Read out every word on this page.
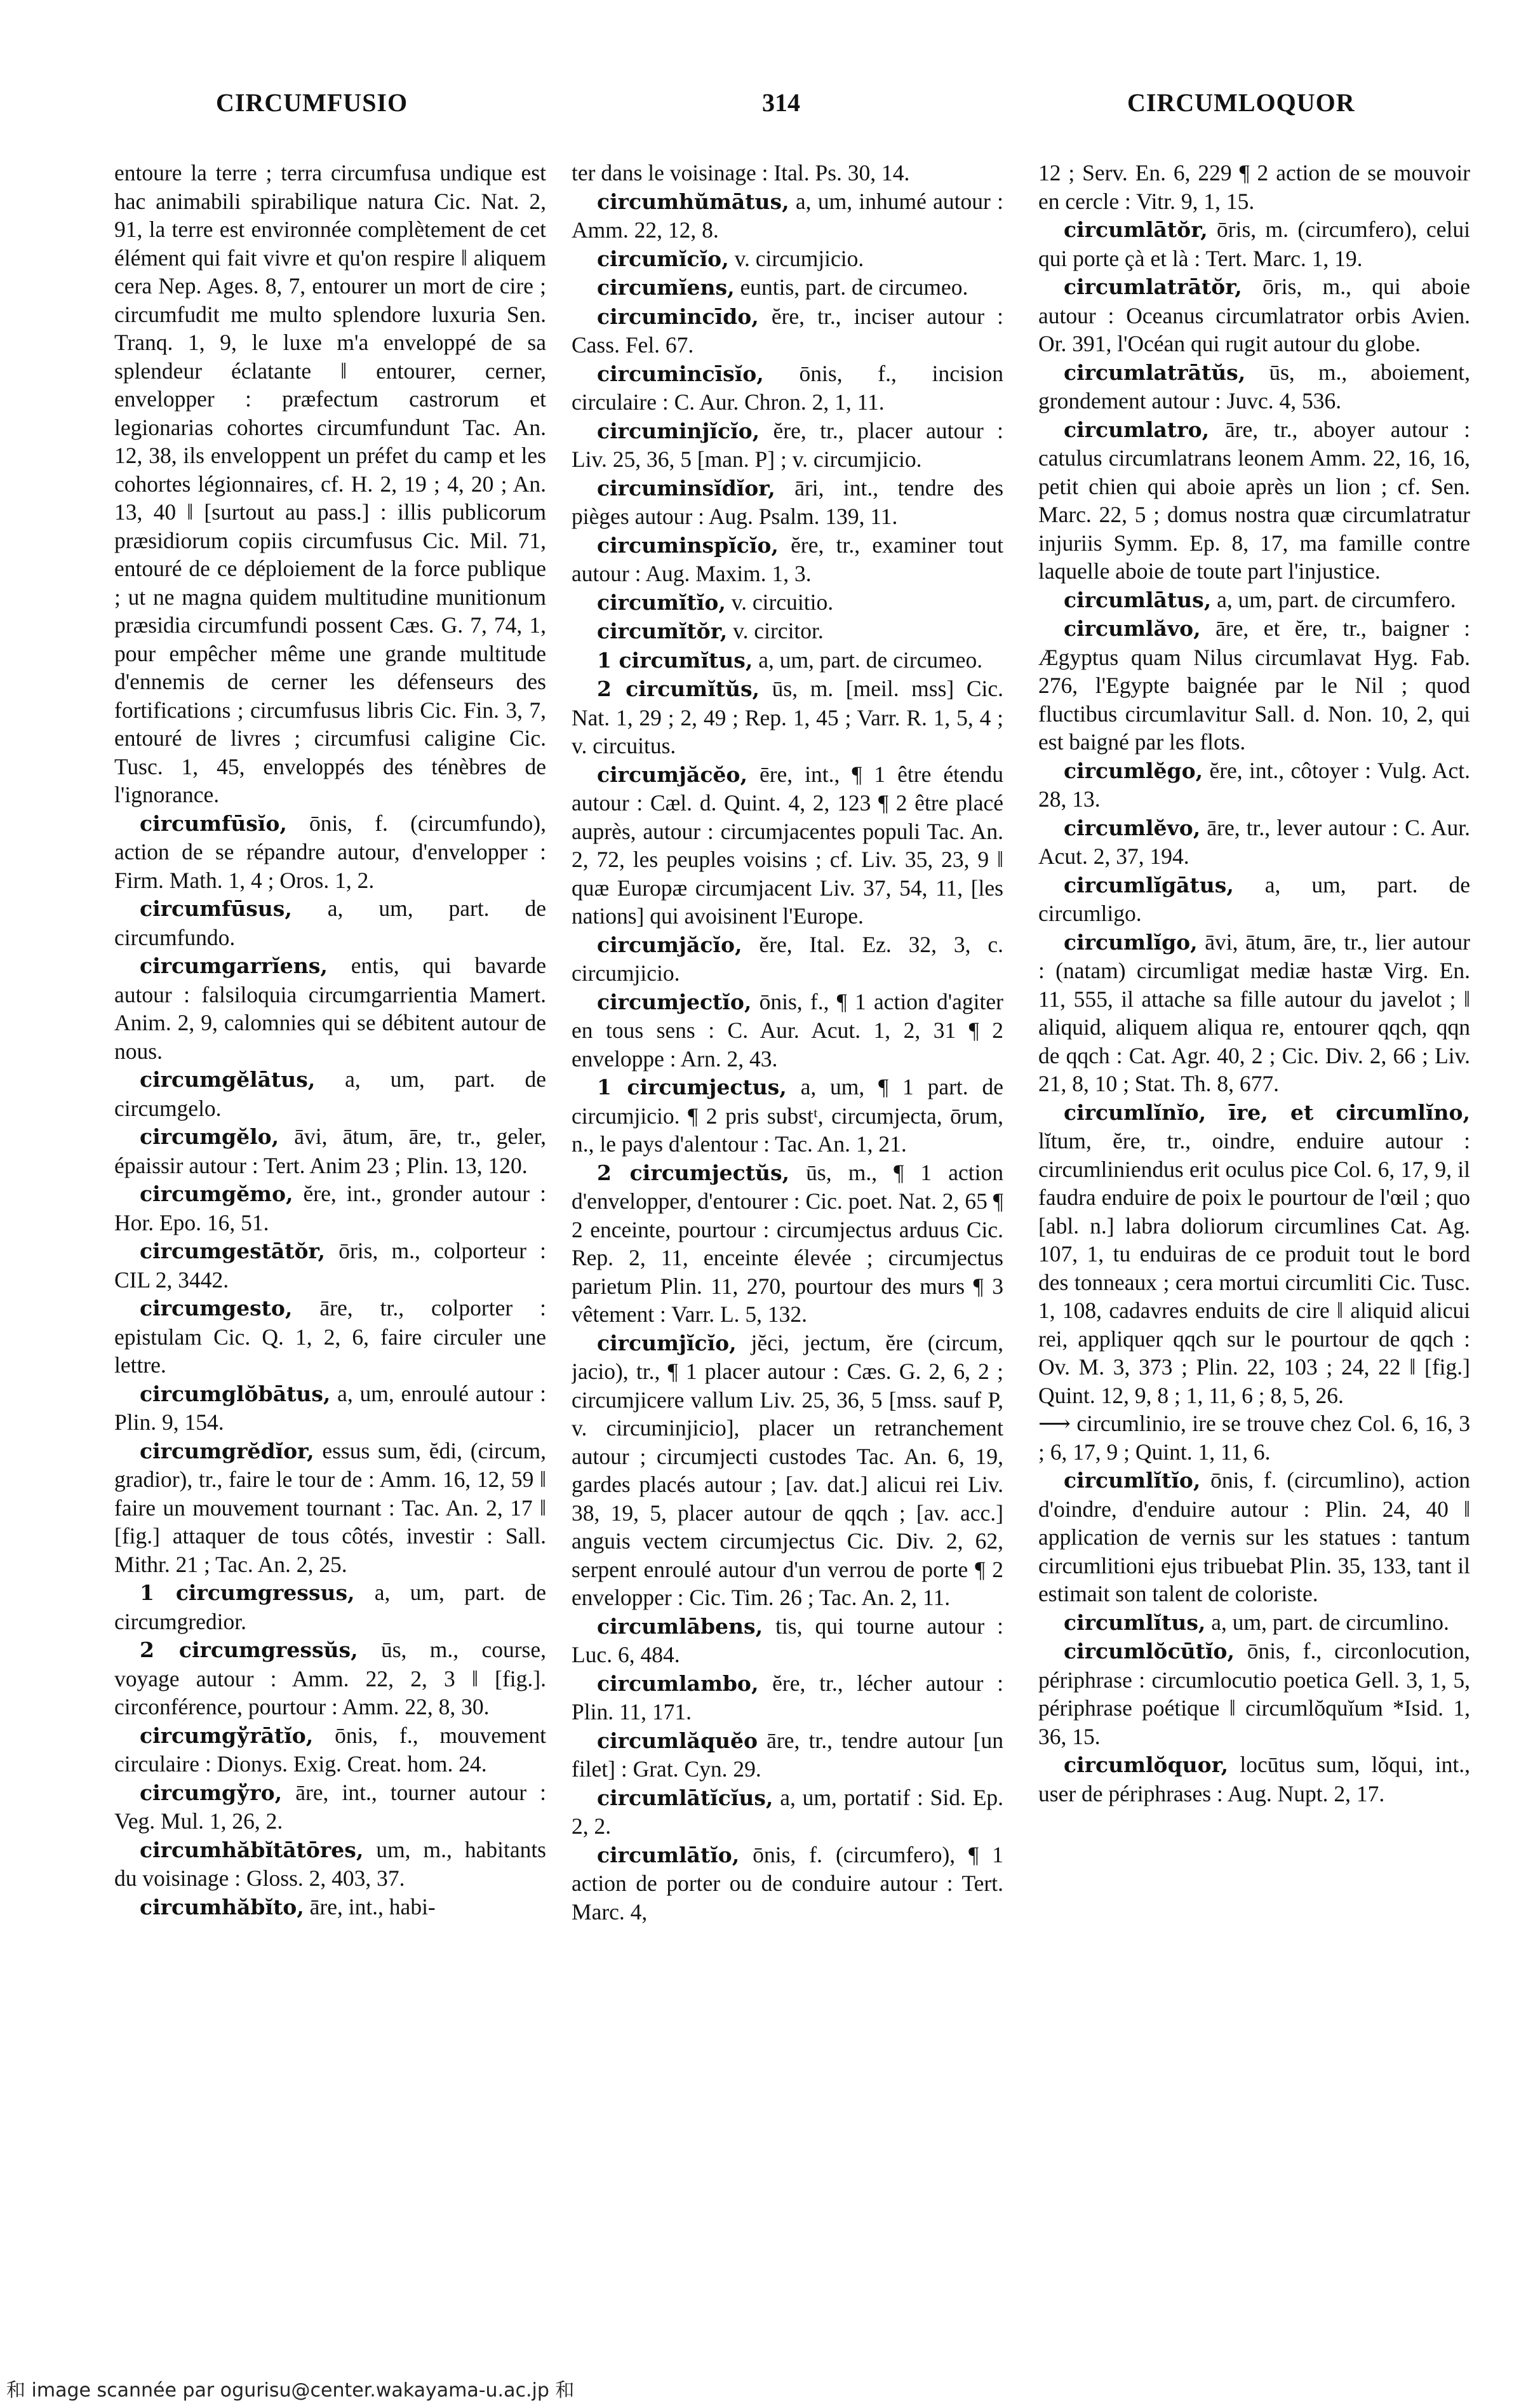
CIRCUMFUSIO	314	CIRCUMLOQUOR

entoure la terre ; terra circumfusa undique est hac animabili spirabilique natura Cic. Nat. 2, 91, la terre est environnée complètement de cet élément qui fait vivre et qu'on respire ‖ aliquem cera Nep. Ages. 8, 7, entourer un mort de cire ; circumfudit me multo splendore luxuria Sen. Tranq. 1, 9, le luxe m'a enveloppé de sa splendeur éclatante ‖ entourer, cerner, envelopper : præfectum castrorum et legionarias cohortes circumfundunt Tac. An. 12, 38, ils enveloppent un préfet du camp et les cohortes légionnaires, cf. H. 2, 19 ; 4, 20 ; An. 13, 40 ‖ [surtout au pass.] : illis publicorum præsidiorum copiis circumfusus Cic. Mil. 71, entouré de ce déploiement de la force publique ; ut ne magna quidem multitudine munitionum præsidia circumfundi possent Cæs. G. 7, 74, 1, pour empêcher même une grande multitude d'ennemis de cerner les défenseurs des fortifications ; circumfusus libris Cic. Fin. 3, 7, entouré de livres ; circumfusi caligine Cic. Tusc. 1, 45, enveloppés des ténèbres de l'ignorance.

circumfūsĭo, ōnis, f. (circumfundo), action de se répandre autour, d'envelopper : Firm. Math. 1, 4 ; Oros. 1, 2.

circumfūsus, a, um, part. de circumfundo.

circumgarrĭens, entis, qui bavarde autour : falsiloquia circumgarrientia Mamert. Anim. 2, 9, calomnies qui se débitent autour de nous.

circumgĕlātus, a, um, part. de circumgelo.

circumgĕlo, āvi, ātum, āre, tr., geler, épaissir autour : Tert. Anim 23 ; Plin. 13, 120.

circumgĕmo, ĕre, int., gronder autour : Hor. Epo. 16, 51.

circumgestātŏr, ōris, m., colporteur : CIL 2, 3442.

circumgesto, āre, tr., colporter : epistulam Cic. Q. 1, 2, 6, faire circuler une lettre.

circumglŏbātus, a, um, enroulé autour : Plin. 9, 154.

circumgrĕdĭor, essus sum, ĕdi, (circum, gradior), tr., faire le tour de : Amm. 16, 12, 59 ‖ faire un mouvement tournant : Tac. An. 2, 17 ‖ [fig.] attaquer de tous côtés, investir : Sall. Mithr. 21 ; Tac. An. 2, 25.

1 circumgressus, a, um, part. de circumgredior.

2 circumgressŭs, ūs, m., course, voyage autour : Amm. 22, 2, 3 ‖ [fig.]. circonférence, pourtour : Amm. 22, 8, 30.

circumgўrātĭo, ōnis, f., mouvement circulaire : Dionys. Exig. Creat. hom. 24.

circumgўro, āre, int., tourner autour : Veg. Mul. 1, 26, 2.

circumhăbĭtātōres, um, m., habitants du voisinage : Gloss. 2, 403, 37.

circumhăbĭto, āre, int., habi-

ter dans le voisinage : Ital. Ps. 30, 14.

circumhŭmātus, a, um, inhumé autour : Amm. 22, 12, 8.

circumĭcĭo, v. circumjicio.

circumĭens, euntis, part. de circumeo.

circumincīdo, ĕre, tr., inciser autour : Cass. Fel. 67.

circumincīsĭo, ōnis, f., incision circulaire : C. Aur. Chron. 2, 1, 11.

circuminjĭcĭo, ĕre, tr., placer autour : Liv. 25, 36, 5 [man. P] ; v. circumjicio.

circuminsĭdĭor, āri, int., tendre des pièges autour : Aug. Psalm. 139, 11.

circuminspĭcĭo, ĕre, tr., examiner tout autour : Aug. Maxim. 1, 3.

circumĭtĭo, v. circuitio.

circumĭtŏr, v. circitor.

1 circumĭtus, a, um, part. de circumeo.

2 circumĭtŭs, ūs, m. [meil. mss] Cic. Nat. 1, 29 ; 2, 49 ; Rep. 1, 45 ; Varr. R. 1, 5, 4 ; v. circuitus.

circumjăcĕo, ēre, int., ¶ 1 être étendu autour : Cæl. d. Quint. 4, 2, 123 ¶ 2 être placé auprès, autour : circumjacentes populi Tac. An. 2, 72, les peuples voisins ; cf. Liv. 35, 23, 9 ‖ quæ Europæ circumjacent Liv. 37, 54, 11, [les nations] qui avoisinent l'Europe.

circumjăcĭo, ĕre, Ital. Ez. 32, 3, c. circumjicio.

circumjectĭo, ōnis, f., ¶ 1 action d'agiter en tous sens : C. Aur. Acut. 1, 2, 31 ¶ 2 enveloppe : Arn. 2, 43.

1 circumjectus, a, um, ¶ 1 part. de circumjicio. ¶ 2 pris substᵗ, circumjecta, ōrum, n., le pays d'alentour : Tac. An. 1, 21.

2 circumjectŭs, ūs, m., ¶ 1 action d'envelopper, d'entourer : Cic. poet. Nat. 2, 65 ¶ 2 enceinte, pourtour : circumjectus arduus Cic. Rep. 2, 11, enceinte élevée ; circumjectus parietum Plin. 11, 270, pourtour des murs ¶ 3 vêtement : Varr. L. 5, 132.

circumjĭcĭo, jĕci, jectum, ĕre (circum, jacio), tr., ¶ 1 placer autour : Cæs. G. 2, 6, 2 ; circumjicere vallum Liv. 25, 36, 5 [mss. sauf P, v. circuminjicio], placer un retranchement autour ; circumjecti custodes Tac. An. 6, 19, gardes placés autour ; [av. dat.] alicui rei Liv. 38, 19, 5, placer autour de qqch ; [av. acc.] anguis vectem circumjectus Cic. Div. 2, 62, serpent enroulé autour d'un verrou de porte ¶ 2 envelopper : Cic. Tim. 26 ; Tac. An. 2, 11.

circumlābens, tis, qui tourne autour : Luc. 6, 484.

circumlambo, ĕre, tr., lécher autour : Plin. 11, 171.

circumlăquĕo āre, tr., tendre autour [un filet] : Grat. Cyn. 29.

circumlātĭcĭus, a, um, portatif : Sid. Ep. 2, 2.

circumlātĭo, ōnis, f. (circumfero), ¶ 1 action de porter ou de conduire autour : Tert. Marc. 4,

12 ; Serv. En. 6, 229 ¶ 2 action de se mouvoir en cercle : Vitr. 9, 1, 15.

circumlātŏr, ōris, m. (circumfero), celui qui porte çà et là : Tert. Marc. 1, 19.

circumlatrātŏr, ōris, m., qui aboie autour : Oceanus circumlatrator orbis Avien. Or. 391, l'Océan qui rugit autour du globe.

circumlatrātŭs, ūs, m., aboiement, grondement autour : Juvc. 4, 536.

circumlatro, āre, tr., aboyer autour : catulus circumlatrans leonem Amm. 22, 16, 16, petit chien qui aboie après un lion ; cf. Sen. Marc. 22, 5 ; domus nostra quæ circumlatratur injuriis Symm. Ep. 8, 17, ma famille contre laquelle aboie de toute part l'injustice.

circumlātus, a, um, part. de circumfero.

circumlăvo, āre, et ĕre, tr., baigner : Ægyptus quam Nilus circumlavat Hyg. Fab. 276, l'Egypte baignée par le Nil ; quod fluctibus circumlavitur Sall. d. Non. 10, 2, qui est baigné par les flots.

circumlĕgo, ĕre, int., côtoyer : Vulg. Act. 28, 13.

circumlĕvo, āre, tr., lever autour : C. Aur. Acut. 2, 37, 194.

circumlĭgātus, a, um, part. de circumligo.

circumlĭgo, āvi, ātum, āre, tr., lier autour : (natam) circumligat mediæ hastæ Virg. En. 11, 555, il attache sa fille autour du javelot ; ‖ aliquid, aliquem aliqua re, entourer qqch, qqn de qqch : Cat. Agr. 40, 2 ; Cic. Div. 2, 66 ; Liv. 21, 8, 10 ; Stat. Th. 8, 677.

circumlĭnĭo, īre, et circumlĭno, lĭtum, ĕre, tr., oindre, enduire autour : circumliniendus erit oculus pice Col. 6, 17, 9, il faudra enduire de poix le pourtour de l'œil ; quo [abl. n.] labra doliorum circumlines Cat. Ag. 107, 1, tu enduiras de ce produit tout le bord des tonneaux ; cera mortui circumliti Cic. Tusc. 1, 108, cadavres enduits de cire ‖ aliquid alicui rei, appliquer qqch sur le pourtour de qqch : Ov. M. 3, 373 ; Plin. 22, 103 ; 24, 22 ‖ [fig.] Quint. 12, 9, 8 ; 1, 11, 6 ; 8, 5, 26.

⟶ circumlinio, ire se trouve chez Col. 6, 16, 3 ; 6, 17, 9 ; Quint. 1, 11, 6.

circumlĭtĭo, ōnis, f. (circumlino), action d'oindre, d'enduire autour : Plin. 24, 40 ‖ application de vernis sur les statues : tantum circumlitioni ejus tribuebat Plin. 35, 133, tant il estimait son talent de coloriste.

circumlĭtus, a, um, part. de circumlino.

circumlŏcūtĭo, ōnis, f., circonlocution, périphrase : circumlocutio poetica Gell. 3, 1, 5, périphrase poétique ‖ circumlŏquĭum *Isid. 1, 36, 15.

circumlŏquor, locūtus sum, lŏqui, int., user de périphrases : Aug. Nupt. 2, 17.

和 image scannée par ogurisu@center.wakayama-u.ac.jp 和
